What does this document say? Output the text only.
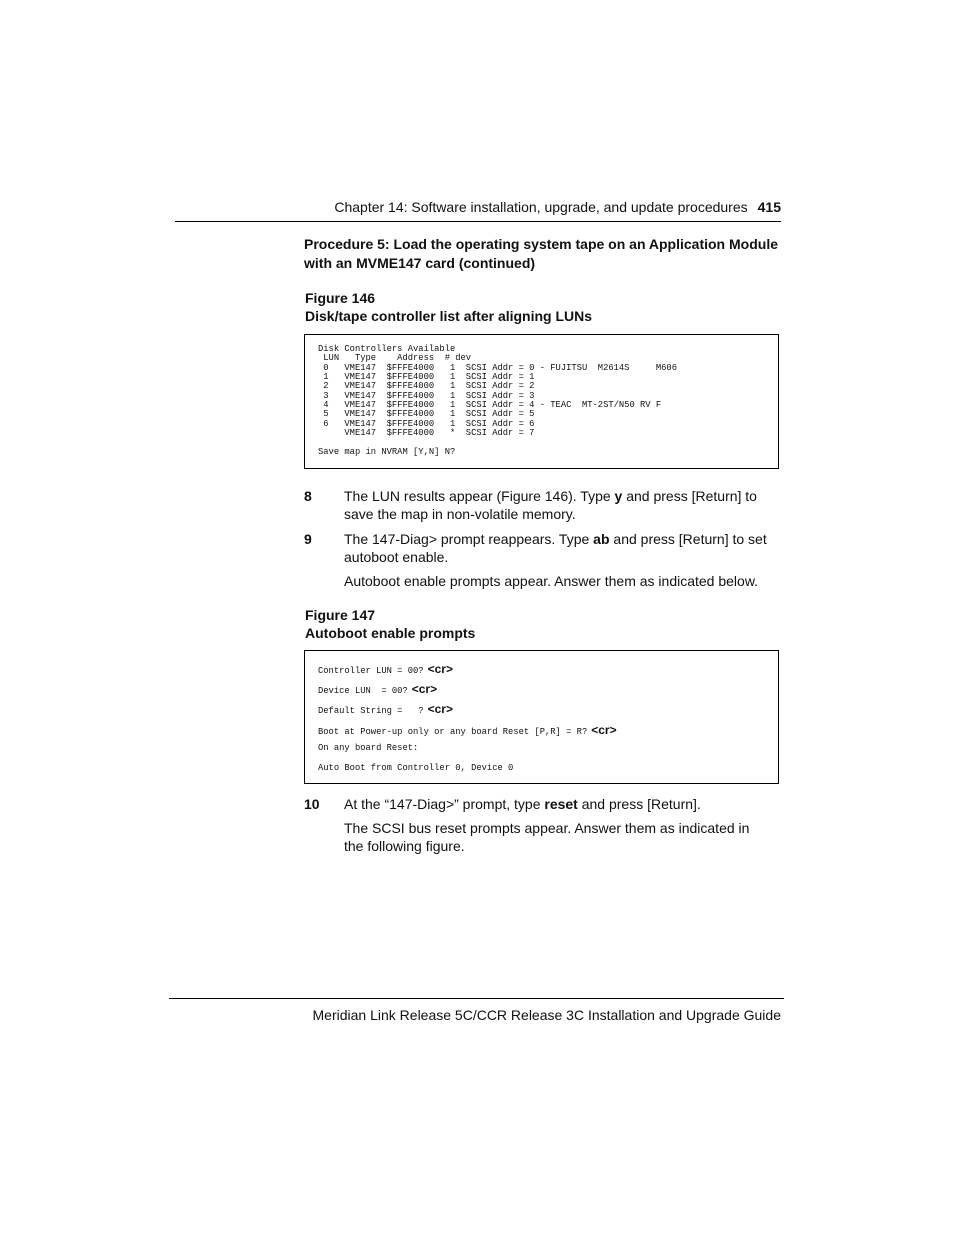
Chapter 14: Software installation, upgrade, and update procedures 415
Procedure 5: Load the operating system tape on an Application Module with an MVME147 card (continued)
Figure 146
Disk/tape controller list after aligning LUNs
Disk Controllers Available
LUN   Type    Address  # dev
0   VME147  $FFFE4000   1  SCSI Addr = 0 - FUJITSU  M2614S     M606
1   VME147  $FFFE4000   1  SCSI Addr = 1
2   VME147  $FFFE4000   1  SCSI Addr = 2
3   VME147  $FFFE4000   1  SCSI Addr = 3
4   VME147  $FFFE4000   1  SCSI Addr = 4 - TEAC  MT-2ST/N50 RV F
5   VME147  $FFFE4000   1  SCSI Addr = 5
6   VME147  $FFFE4000   1  SCSI Addr = 6
VME147  $FFFE4000   *  SCSI Addr = 7

Save map in NVRAM [Y,N] N?
8 The LUN results appear (Figure 146). Type y and press [Return] to save the map in non-volatile memory.
9 The 147-Diag> prompt reappears. Type ab and press [Return] to set autoboot enable.
Autoboot enable prompts appear. Answer them as indicated below.
Figure 147
Autoboot enable prompts
Controller LUN = 00? <cr>
Device LUN  = 00? <cr>
Default String =   ? <cr>
Boot at Power-up only or any board Reset [P,R] = R? <cr>
On any board Reset:
Auto Boot from Controller 0, Device 0
10 At the “147-Diag>” prompt, type reset and press [Return].
The SCSI bus reset prompts appear. Answer them as indicated in the following figure.
Meridian Link Release 5C/CCR Release 3C Installation and Upgrade Guide
